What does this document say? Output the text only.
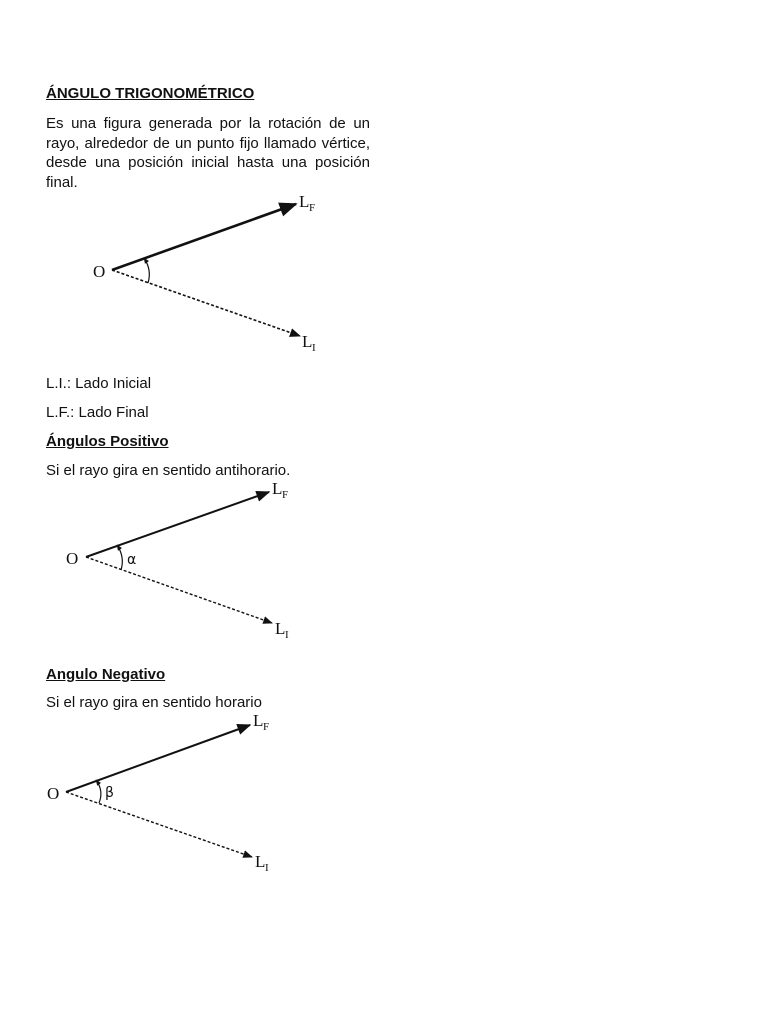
ÁNGULO TRIGONOMÉTRICO

Es una figura generada por la rotación de un rayo, alrededor de un punto fijo llamado vértice, desde una posición inicial hasta una posición final.

O
L F
L I

L.I.: Lado Inicial

L.F.: Lado Final

Ángulos Positivo

Si el rayo gira en sentido antihorario.

O	α
L F
L I
Angulo Negativo

Si el rayo gira en sentido horario

O	β
L F
L I
